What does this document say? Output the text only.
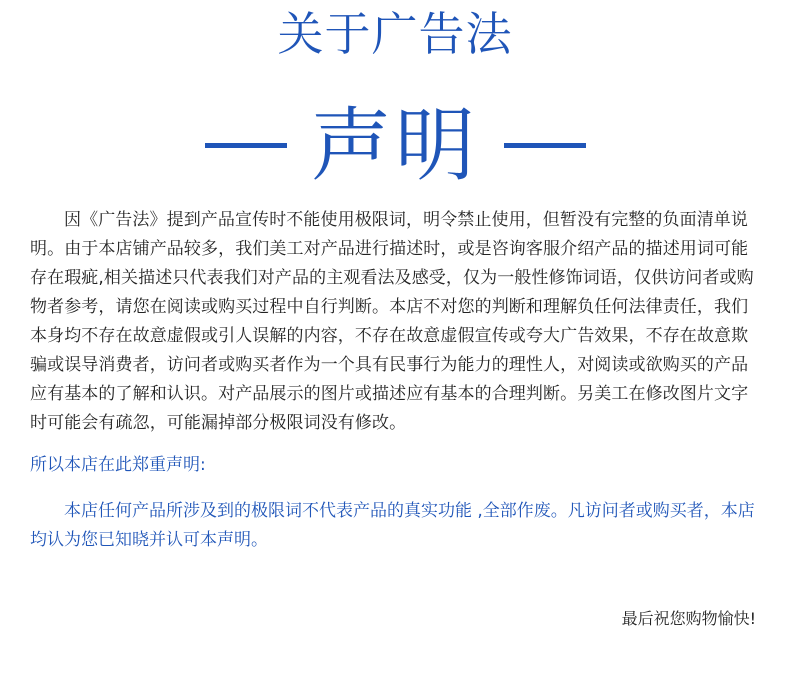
关于广告法
声明

因《广告法》提到产品宣传时不能使用极限词，明令禁止使用，但暂没有完整的负面清单说明。由于本店铺产品较多，我们美工对产品进行描述时，或是咨询客服介绍产品的描述用词可能存在瑕疵,相关描述只代表我们对产品的主观看法及感受，仅为一般性修饰词语，仅供访问者或购物者参考，请您在阅读或购买过程中自行判断。本店不对您的判断和理解负任何法律责任，我们本身均不存在故意虚假或引人误解的内容，不存在故意虚假宣传或夸大广告效果，不存在故意欺骗或误导消费者，访问者或购买者作为一个具有民事行为能力的理性人，对阅读或欲购买的产品应有基本的了解和认识。对产品展示的图片或描述应有基本的合理判断。另美工在修改图片文字时可能会有疏忽，可能漏掉部分极限词没有修改。

所以本店在此郑重声明:

本店任何产品所涉及到的极限词不代表产品的真实功能 ,全部作废。凡访问者或购买者，本店均认为您已知晓并认可本声明。

最后祝您购物愉快!
